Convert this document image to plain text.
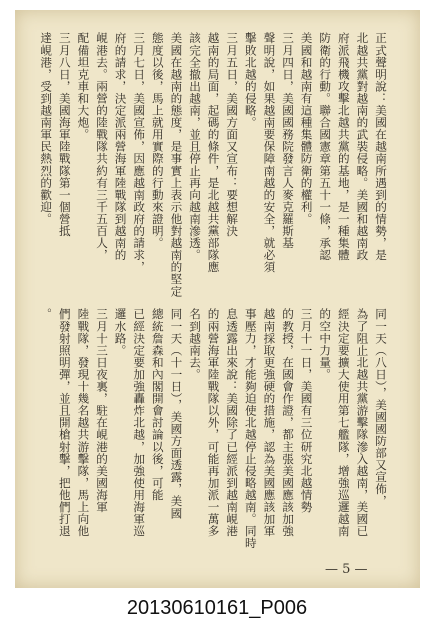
正式聲明說：美國在越南所遇到的情勢，是
北越共黨對越南的武裝侵略。美國和越南政
府派飛機攻擊北越共黨的基地，是一種集體
防衛的行動。聯合國憲章第五十一條，承認
美國和越南有這種集體防衛的權利。
三月四日，美國國務院發言人麥克羅斯基
聲明說，如果越南要保障南越的安全，就必須
擊敗北越的侵略。
三月五日，美國方面又宣布：要想解決
越南的局面，起碼的條件，是北越共黨部隊應
該完全撤出越南，並且停止再向越南滲透。
美國在越南的態度，是事實上表示他對越南的堅定
態度以後，馬上就用實際的行動來證明。
三月七日，美國宣佈，因應越南政府的請求，
府的請求，決定派兩營海軍陸戰隊到越南的
峴港去。兩營的陸戰隊共約有三千五百人，
配備坦克車和大炮。
三月八日，美國海軍陸戰隊第一個營抵
達峴港，受到越南軍民熱烈的歡迎。
同一天（八日），美國國防部又宣佈，
為了阻止北越共黨游擊隊滲入越南，美國已
經決定要擴大使用第七艦隊，增強巡邏越南
的空中力量。
三月十一日，美國有三位研究北越情勢
的教授，在國會作證，都主張美國應該加強
越南採取更強硬的措施，認為美國應該加軍
事壓力，才能夠迫使北越停止侵略越南。同時
息透露出來說：美國除了已經派到越南峴港
的兩營海軍陸戰隊以外，可能再加派一萬多
名到越南去。
同一天（十一日），美國方面透露，美國
總統詹森和內閣開會討論以後，可能
已經決定要加強轟炸北越，加強使用海軍巡
邏水路。
三月十三日夜裏，駐在峴港的美國海軍
陸戰隊，發現十幾名越共游擊隊，馬上向他
們發射照明彈，並且開槍射擊，把他們打退
。
— 5 —
20130610161_P006
